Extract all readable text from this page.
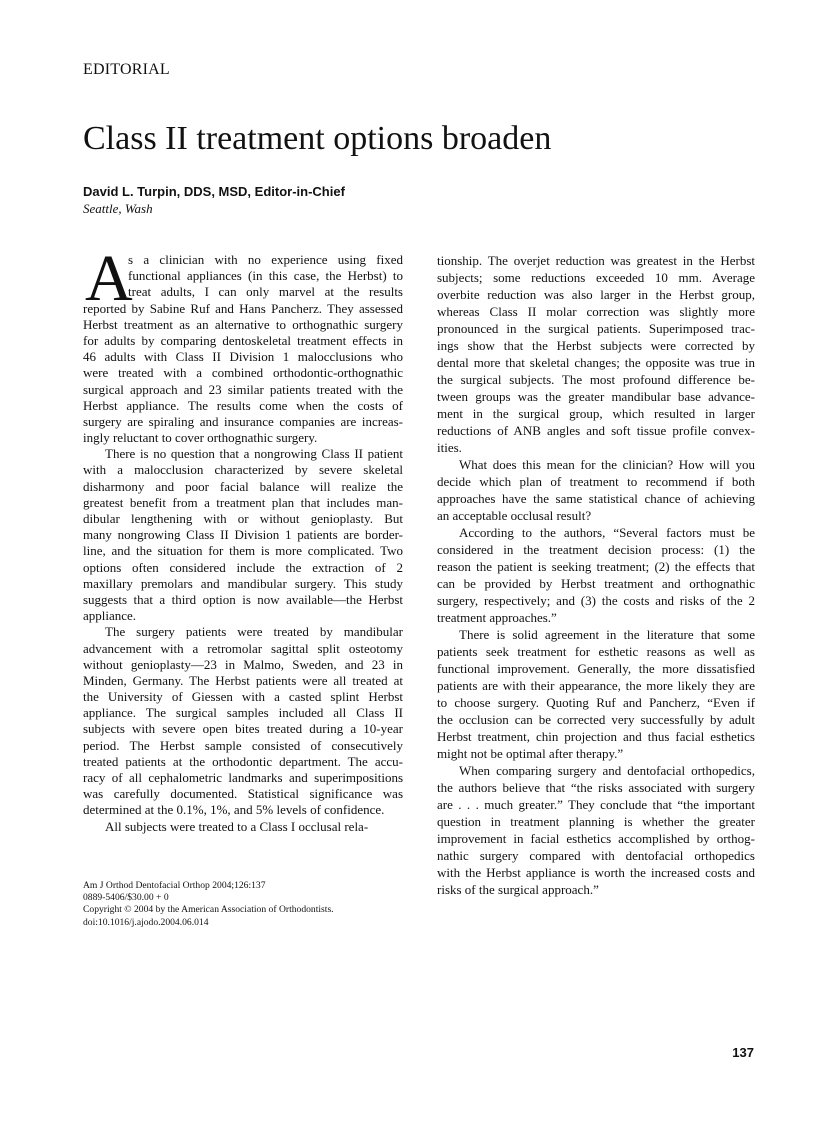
EDITORIAL
Class II treatment options broaden
David L. Turpin, DDS, MSD, Editor-in-Chief
Seattle, Wash
A
s a clinician with no experience using fixed
functional appliances (in this case, the Herbst) to
treat adults, I can only marvel at the results
reported by Sabine Ruf and Hans Pancherz. They assessed
Herbst treatment as an alternative to orthognathic surgery
for adults by comparing dentoskeletal treatment effects in
46 adults with Class II Division 1 malocclusions who
were treated with a combined orthodontic-orthognathic
surgical approach and 23 similar patients treated with the
Herbst appliance. The results come when the costs of
surgery are spiraling and insurance companies are increas-
ingly reluctant to cover orthognathic surgery.
There is no question that a nongrowing Class II patient
with a malocclusion characterized by severe skeletal
disharmony and poor facial balance will realize the
greatest benefit from a treatment plan that includes man-
dibular lengthening with or without genioplasty. But
many nongrowing Class II Division 1 patients are border-
line, and the situation for them is more complicated. Two
options often considered include the extraction of 2
maxillary premolars and mandibular surgery. This study
suggests that a third option is now available—the Herbst
appliance.
The surgery patients were treated by mandibular
advancement with a retromolar sagittal split osteotomy
without genioplasty—23 in Malmo, Sweden, and 23 in
Minden, Germany. The Herbst patients were all treated at
the University of Giessen with a casted splint Herbst
appliance. The surgical samples included all Class II
subjects with severe open bites treated during a 10-year
period. The Herbst sample consisted of consecutively
treated patients at the orthodontic department. The accu-
racy of all cephalometric landmarks and superimpositions
was carefully documented. Statistical significance was
determined at the 0.1%, 1%, and 5% levels of confidence.
All subjects were treated to a Class I occlusal rela-
tionship. The overjet reduction was greatest in the Herbst
subjects; some reductions exceeded 10 mm. Average
overbite reduction was also larger in the Herbst group,
whereas Class II molar correction was slightly more
pronounced in the surgical patients. Superimposed trac-
ings show that the Herbst subjects were corrected by
dental more that skeletal changes; the opposite was true in
the surgical subjects. The most profound difference be-
tween groups was the greater mandibular base advance-
ment in the surgical group, which resulted in larger
reductions of ANB angles and soft tissue profile convex-
ities.
What does this mean for the clinician? How will you
decide which plan of treatment to recommend if both
approaches have the same statistical chance of achieving
an acceptable occlusal result?
According to the authors, “Several factors must be
considered in the treatment decision process: (1) the
reason the patient is seeking treatment; (2) the effects that
can be provided by Herbst treatment and orthognathic
surgery, respectively; and (3) the costs and risks of the 2
treatment approaches.”
There is solid agreement in the literature that some
patients seek treatment for esthetic reasons as well as
functional improvement. Generally, the more dissatisfied
patients are with their appearance, the more likely they are
to choose surgery. Quoting Ruf and Pancherz, “Even if
the occlusion can be corrected very successfully by adult
Herbst treatment, chin projection and thus facial esthetics
might not be optimal after therapy.”
When comparing surgery and dentofacial orthopedics,
the authors believe that “the risks associated with surgery
are . . . much greater.” They conclude that “the important
question in treatment planning is whether the greater
improvement in facial esthetics accomplished by orthog-
nathic surgery compared with dentofacial orthopedics
with the Herbst appliance is worth the increased costs and
risks of the surgical approach.”
Am J Orthod Dentofacial Orthop 2004;126:137
0889-5406/$30.00 + 0
Copyright © 2004 by the American Association of Orthodontists.
doi:10.1016/j.ajodo.2004.06.014
137
